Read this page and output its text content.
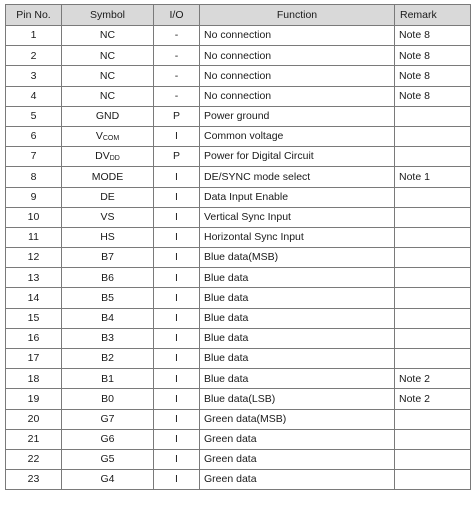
Pin No.	Symbol	I/O	Function	Remark
1	NC	-	No connection	Note 8
2	NC	-	No connection	Note 8
3	NC	-	No connection	Note 8
4	NC	-	No connection	Note 8
5	GND	P	Power ground	
6	VCOM	I	Common voltage	
7	DVDD	P	Power for Digital Circuit	
8	MODE	I	DE/SYNC mode select	Note 1
9	DE	I	Data Input Enable	
10	VS	I	Vertical Sync Input	
11	HS	I	Horizontal Sync Input	
12	B7	I	Blue data(MSB)	
13	B6	I	Blue data	
14	B5	I	Blue data	
15	B4	I	Blue data	
16	B3	I	Blue data	
17	B2	I	Blue data	
18	B1	I	Blue data	Note 2
19	B0	I	Blue data(LSB)	Note 2
20	G7	I	Green data(MSB)	
21	G6	I	Green data	
22	G5	I	Green data	
23	G4	I	Green data	
